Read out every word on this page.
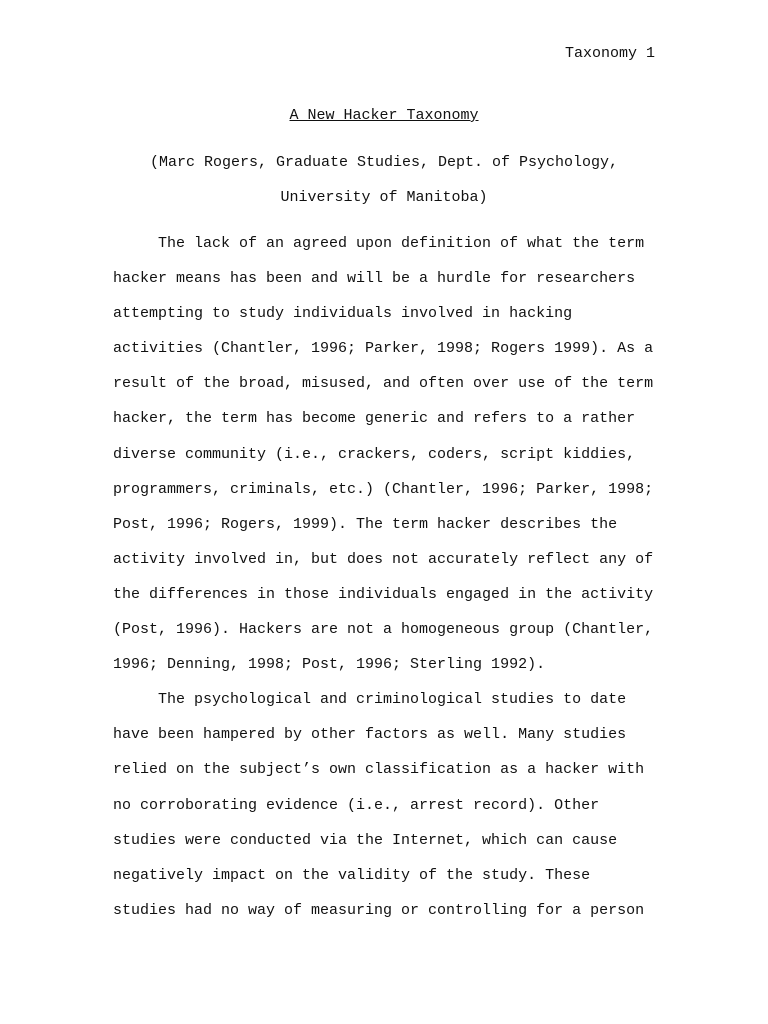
Taxonomy 1
A New Hacker Taxonomy
(Marc Rogers, Graduate Studies, Dept. of Psychology,
University of Manitoba)
The lack of an agreed upon definition of what the term
hacker means has been and will be a hurdle for researchers
attempting to study individuals involved in hacking
activities (Chantler, 1996; Parker, 1998; Rogers 1999). As a
result of the broad, misused, and often over use of the term
hacker, the term has become generic and refers to a rather
diverse community (i.e., crackers, coders, script kiddies,
programmers, criminals, etc.) (Chantler, 1996; Parker, 1998;
Post, 1996; Rogers, 1999). The term hacker describes the
activity involved in, but does not accurately reflect any of
the differences in those individuals engaged in the activity
(Post, 1996). Hackers are not a homogeneous group (Chantler,
1996; Denning, 1998; Post, 1996; Sterling 1992).
The psychological and criminological studies to date
have been hampered by other factors as well. Many studies
relied on the subject’s own classification as a hacker with
no corroborating evidence (i.e., arrest record). Other
studies were conducted via the Internet, which can cause
negatively impact on the validity of the study. These
studies had no way of measuring or controlling for a person
